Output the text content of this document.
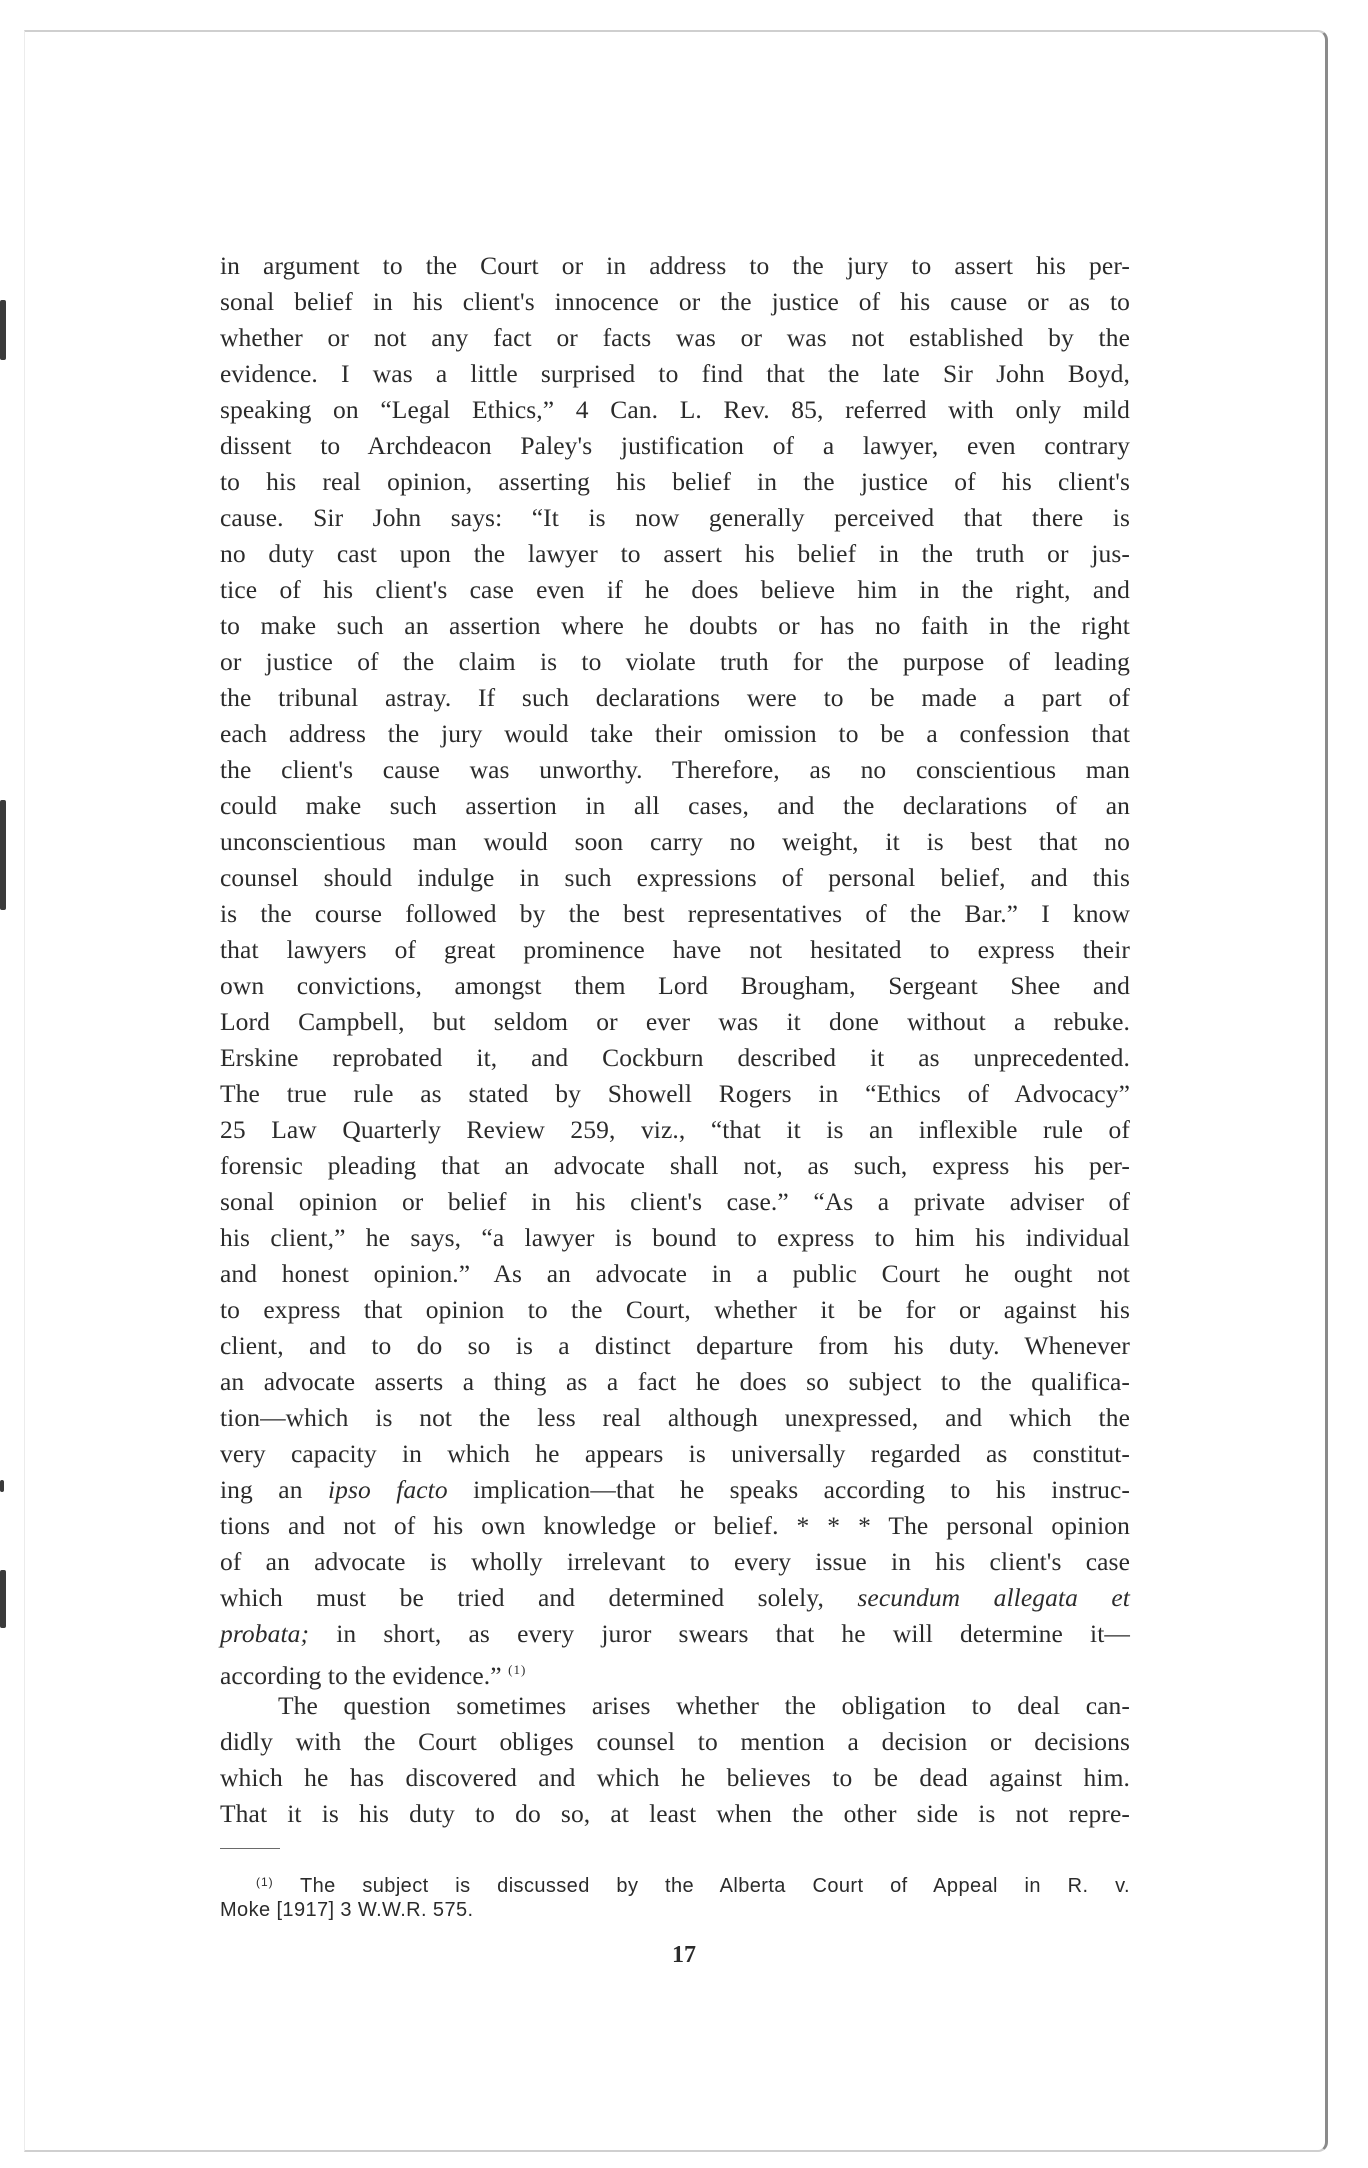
in argument to the Court or in address to the jury to assert his per-
sonal belief in his client's innocence or the justice of his cause or as to
whether or not any fact or facts was or was not established by the
evidence. I was a little surprised to find that the late Sir John Boyd,
speaking on “Legal Ethics,” 4 Can. L. Rev. 85, referred with only mild
dissent to Archdeacon Paley's justification of a lawyer, even contrary
to his real opinion, asserting his belief in the justice of his client's
cause. Sir John says: “It is now generally perceived that there is
no duty cast upon the lawyer to assert his belief in the truth or jus-
tice of his client's case even if he does believe him in the right, and
to make such an assertion where he doubts or has no faith in the right
or justice of the claim is to violate truth for the purpose of leading
the tribunal astray. If such declarations were to be made a part of
each address the jury would take their omission to be a confession that
the client's cause was unworthy. Therefore, as no conscientious man
could make such assertion in all cases, and the declarations of an
unconscientious man would soon carry no weight, it is best that no
counsel should indulge in such expressions of personal belief, and this
is the course followed by the best representatives of the Bar.” I know
that lawyers of great prominence have not hesitated to express their
own convictions, amongst them Lord Brougham, Sergeant Shee and
Lord Campbell, but seldom or ever was it done without a rebuke.
Erskine reprobated it, and Cockburn described it as unprecedented.
The true rule as stated by Showell Rogers in “Ethics of Advocacy”
25 Law Quarterly Review 259, viz., “that it is an inflexible rule of
forensic pleading that an advocate shall not, as such, express his per-
sonal opinion or belief in his client's case.” “As a private adviser of
his client,” he says, “a lawyer is bound to express to him his individual
and honest opinion.” As an advocate in a public Court he ought not
to express that opinion to the Court, whether it be for or against his
client, and to do so is a distinct departure from his duty. Whenever
an advocate asserts a thing as a fact he does so subject to the qualifica-
tion—which is not the less real although unexpressed, and which the
very capacity in which he appears is universally regarded as constitut-
ing an ipso facto implication—that he speaks according to his instruc-
tions and not of his own knowledge or belief. * * * The personal opinion
of an advocate is wholly irrelevant to every issue in his client's case
which must be tried and determined solely, secundum allegata et
probata; in short, as every juror swears that he will determine it—
according to the evidence.” $^{(1)}$
The question sometimes arises whether the obligation to deal can-
didly with the Court obliges counsel to mention a decision or decisions
which he has discovered and which he believes to be dead against him.
That it is his duty to do so, at least when the other side is not repre-
$^{(1)}$ The subject is discussed by the Alberta Court of Appeal in R. v.
Moke [1917] 3 W.W.R. 575.
17
